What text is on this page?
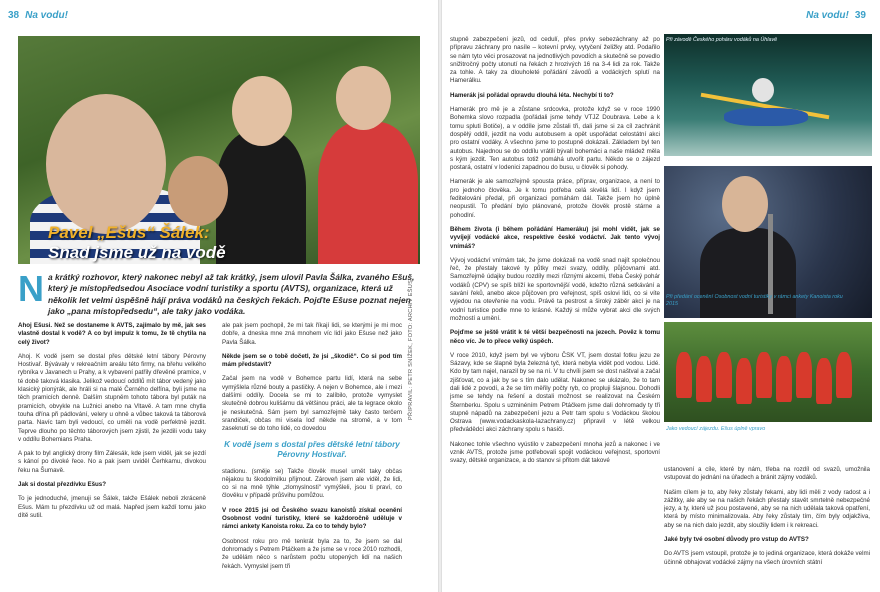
38 Na vodu!
Pavel „Ešus“ Šálek:
Snad jsme už na vodě
N a krátký rozhovor, který nakonec nebyl až tak krátký, jsem ulovil Pavla Šálka, zvaného Ešuš, který je místopředsedou Asociace vodní turistiky a sportu (AVTS), organizace, která už několik let velmi úspěšně hájí práva vodáků na českých řekách. Pojďte Ešuse poznat nejen jako „pana místopředsedu“, ale taky jako vodáka.

Ahoj Ešusi. Než se dostaneme k AVTS, zajímalo by mě, jak ses vlastně dostal k vodě? A co byl impulz k tomu, že tě chytila na celý život?

Ahoj. K vodě jsem se dostal přes dětské letní tábory Pérovny Hostivař. Bývávaly v rekreačním areálu této firmy, na břehu velkého rybníka v Javanech u Prahy, a k vybavení patřily dřevěné pramice, v té době taková klasika. Jelikož vedoucí oddílů mít tábor vedený jako klasický pionýrák, ale hráli si na malé Černého delfína, byli jsme na těch pramicích denně. Dalším stupněm tohoto tábora byl puták na pramicích, obvykle na Lužnici anebo na Vltavě. A tam mne chytla touha dřína při pádlování, velery u ohně a vůbec taková ta táborová parta. Navíc tam byli vedoucí, co uměli na vodě perfektně jezdit. Teprve dlouho po těchto táborových jsem zjistil, že jezdili vodu taky v oddílu Bohemians Praha.

A pak to byl anglický drony film Zálesák, kde jsem viděl, jak se jezdí s kánoí po divoké řece. No a pak jsem uviděl Čerhkamu, divokou řeku na Šumavě.

Jak si dostal přezdívku Ešus?

To je jednoduché, jmenuji se Šálek, takže Ešálek neboli zkráceně Ešus. Mám tu přezdívku už od malá. Napřed jsem každí tomu jako dítě sutil.

ale pak jsem pochopil, že mi tak říkají lidi, se kterými je mi moc dobře, a dneska mne zná mnohem víc lidí jako Ešuse než jako Pavla Šálka.

Někde jsem se o tobě dočetl, že jsi „škodič“. Co si pod tím mám představit?

Začal jsem na vodě v Bohemce partu lidí, která na sebe vymýšlela různé bouty a pastičky. A nejen v Bohemce, ale i mezi dalšími oddíly. Docela se mi to zalíbilo, protože vymyslet skutečně dobrou kulišárnu dá většinou práci, ale ta legrace okolo je neskutečná. Sám jsem byl samozřejmě taky často terčem srandiček, občas mi visela loď někde na stromě, a v tom zaseknutí se do toho lidé, co dovedou

K vodě jsem s dostal přes dětské letní tábory Pérovny Hostivař.

stadionu. (směje se) Takže člověk musel umět taky občas nějakou tu škodolmilku přijmout. Zároveň jsem ale viděl, že lidi, co si na mně týhle „zlomyslnosti“ vymýšleli, jsou ti praví, co člověku v případě průšvihu pomůžou.

V roce 2015 jsi od Českého svazu kanoistů získal ocenění Osobnost vodní turistiky, které se každoročně uděluje v rámci ankety Kanoista roku. Za co to tehdy bylo?

Osobnost roku pro mě tenkrát byla za to, že jsem se dal dohromady s Petrem Ptáčkem a že jsme se v roce 2010 rozhodli, že udělám něco s narůstem počtu utopených lidí na našich řekách. Vymyslel jsem tři

PŘIPRAVIL: PETR SNÍŽEK, FOTO: ARCHIV EŠUS
Na vodu! 39

stupně zabezpečení jezů, od cedulí, přes prvky sebezáchrany až po přípravu záchrany pro nasíle – kotevní prvky, vytyčení želižky atd. Podařilo se nám tyto věci prosazovat na jednotlivých povodích a skutečně se povedlo snižitročný počty utonutí na řekách z hrozivých 16 na 3-4 lidi za rok. Takže za tohle. A taky za dlouholeté pořádání závodů a vodáckých splutí na Hamerálku.

Hamerák jsi pořádal opravdu dlouhá léta. Nechybí ti to?

Hamerák pro mě je a zůstane srdcovka, protože když se v roce 1990 Bohemka slovo rozpadla (pořádali jsme tehdy VTJZ Doubrava. Lebe a k tomu spluti Botiče), a v oddíle jsme zůstali tři, dali jsme si za cíl zachránit dospělý oddíl, jezdit na vodu autobusem a opět uspořádat celostátní akci pro ostatní vodáky. A všechno jsme to postupně dokázali. Základem byl ten autobus. Najednou se do oddílu vrátili bývalí bohemáci a naše mládež měla s kým jezdit. Ten autobus totiž pomáhá utvořit partu. Někdo se o zájezd postará, ostatní v lodenici zapadnou do busu, u člověk si pohody.

Hamerák je ale samozřejmě spousta práce, příprav, organizace, a není to pro jednoho člověka. Je k tomu potřeba celá skvělá lidí. I když jsem feditelováni předal, při organizaci pomáhám dál. Takže jsem ho úplně neopustil. To předání bylo plánované, protože člověk prostě stárne a pohodlní.

Během života (i během pořádání Hameráku) jsi mohl vidět, jak se vyvíjejí vodácké akce, respektive české vodáctví. Jak tento vývoj vnímáš?

Vývoj vodáctví vnímám tak, že jsme dokázali na vodě snad najít společnou řeč, že přestaly takové ty půtky mezi svazy, oddíly, půjčovnami atd. Samozřejmě údajky budou rozdíly mezi různými akcemi, třeba Český pohár vodáků (CPV) se spíš blíží ke sportovnější vodě, kdežto různá setkávání a savání řeků, anebo akce půjčoven pro veřejnost, spíš oslovi lidi, co si víte vyjedou na otevřenie na vodu. Právě ta pestrost a široký záběr akcí je na vodní turistice podle mne to krásné. Každý si může vybrat akci dle svých možností a umění.

Pojďme se ještě vrátit k té větší bezpečnosti na jezech. Pověz k tomu něco víc. Je to přece velký úspěch.

V roce 2010, když jsem byl ve výboru ČSK VT, jsem dostal fotku jezu ze Sázavy, kde se šlapně byla železná tyč, která nebyla vidět pod vodou. Lidé. Kdo by tam najel, narazil by se na ní. V tu chvíli jsem se dost naštval a začal zjišťovat, co a jak by se s tím dalo udělat. Nakonec se ukázalo, že to tam dali lidé z povodí, a že se tím měřily počty ryb, co propluji šlajsnou. Dohodli jsme se tehdy na řešení a dostali možnost se realizovat na Českém Šternberku. Spolu s uzminéním Petrem Ptáčkem jsme dali dohromady ty tři stupně nápadů na zabezpečení jezu a Petr tam spolu s Vodáckou školou Ostrava (www.vodackaskola-lazachrany.cz) připravil v létě velkou předvádědcí akci záchrany spolu s hasiči.

Nakonec tohle všechno vyústilo v zabezpečení mnoha jezů a nakonec i ve vznik AVTS, protože jsme potřebovali spojit vodáckou veřejnost, sportovní svazy, dětské organizace, a do stanov si přitom dát takové

Při závodě Českého poháru vodáků na Úhlavě
Při předání ocenění Osobnost vodní turistiky v rámci ankety Kanoista roku 2015
Jako vedoucí zájezdu. Ešus úplně vpravo

ustanovení a cíle, které by nám, třeba na rozdíl od svazů, umožnila vstupovat do jednání na úřadech a bránit zájmy vodáků.

Našim cílem je to, aby řeky zůstaly řekami, aby lidi měli z vody radost a i zážitky, ale aby se na našich řekách přestaly stavět smrtelně nebezpečné jezy, a ty, které už jsou postavené, aby se na nich udělala taková opatření, která by místo minimalizovala. Aby řeky zůstaly tím, čím byly odjakživa, aby se na nich dalo jezdit, aby sloužily lidem i k rekreaci.

Jaké byly tvé osobní důvody pro vstup do AVTS?

Do AVTS jsem vstoupil, protože je to jediná organizace, která dokáže velmi účinně obhajovat vodácké zájmy na všech úrovních státní
